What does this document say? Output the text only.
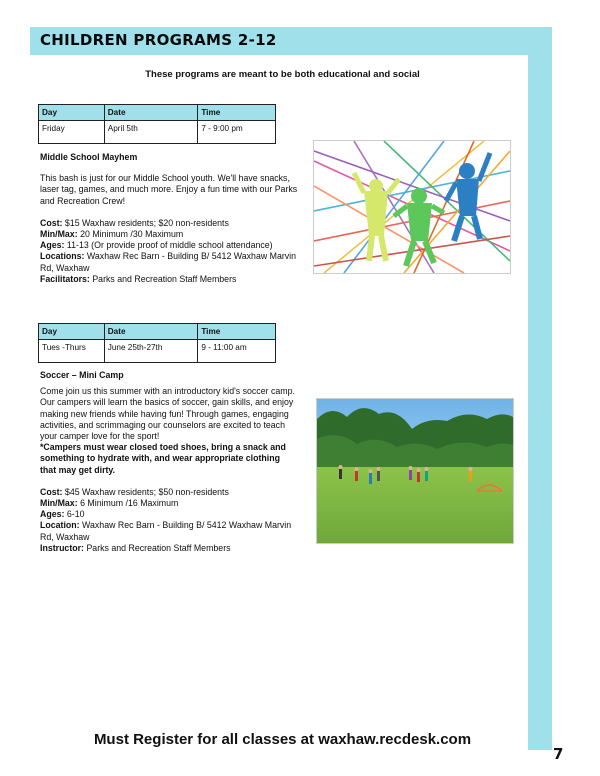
CHILDREN PROGRAMS 2-12
These programs are meant to be both educational and social
Day	Date	Time
Friday	April 5th	7 - 9:00 pm
Middle School Mayhem

This bash is just for our Middle School youth. We'll have snacks, laser tag, games, and much more. Enjoy a fun time with our Parks and Recreation Crew!

Cost: $15 Waxhaw residents; $20 non-residents

Min/Max: 20 Minimum /30 Maximum

Ages: 11-13 (Or provide proof of middle school attendance)

Locations: Waxhaw Rec Barn - Building B/ 5412 Waxhaw Marvin Rd, Waxhaw

Facilitators: Parks and Recreation Staff Members

Day	Date	Time
Tues -Thurs	June 25th-27th	9 - 11:00 am
Soccer – Mini Camp

Come join us this summer with an introductory kid's soccer camp.

Our campers will learn the basics of soccer, gain skills, and enjoy making new friends while having fun! Through games, engaging activities, and scrimmaging our counselors are excited to teach your camper love for the sport!

*Campers must wear closed toed shoes, bring a snack and something to hydrate with, and wear appropriate clothing that may get dirty.

Cost: $45 Waxhaw residents; $50 non-residents

Min/Max: 6 Minimum /16 Maximum

Ages: 6-10

Location: Waxhaw Rec Barn - Building B/ 5412 Waxhaw Marvin Rd, Waxhaw

Instructor: Parks and Recreation Staff Members

Must Register for all classes at waxhaw.recdesk.com
7
